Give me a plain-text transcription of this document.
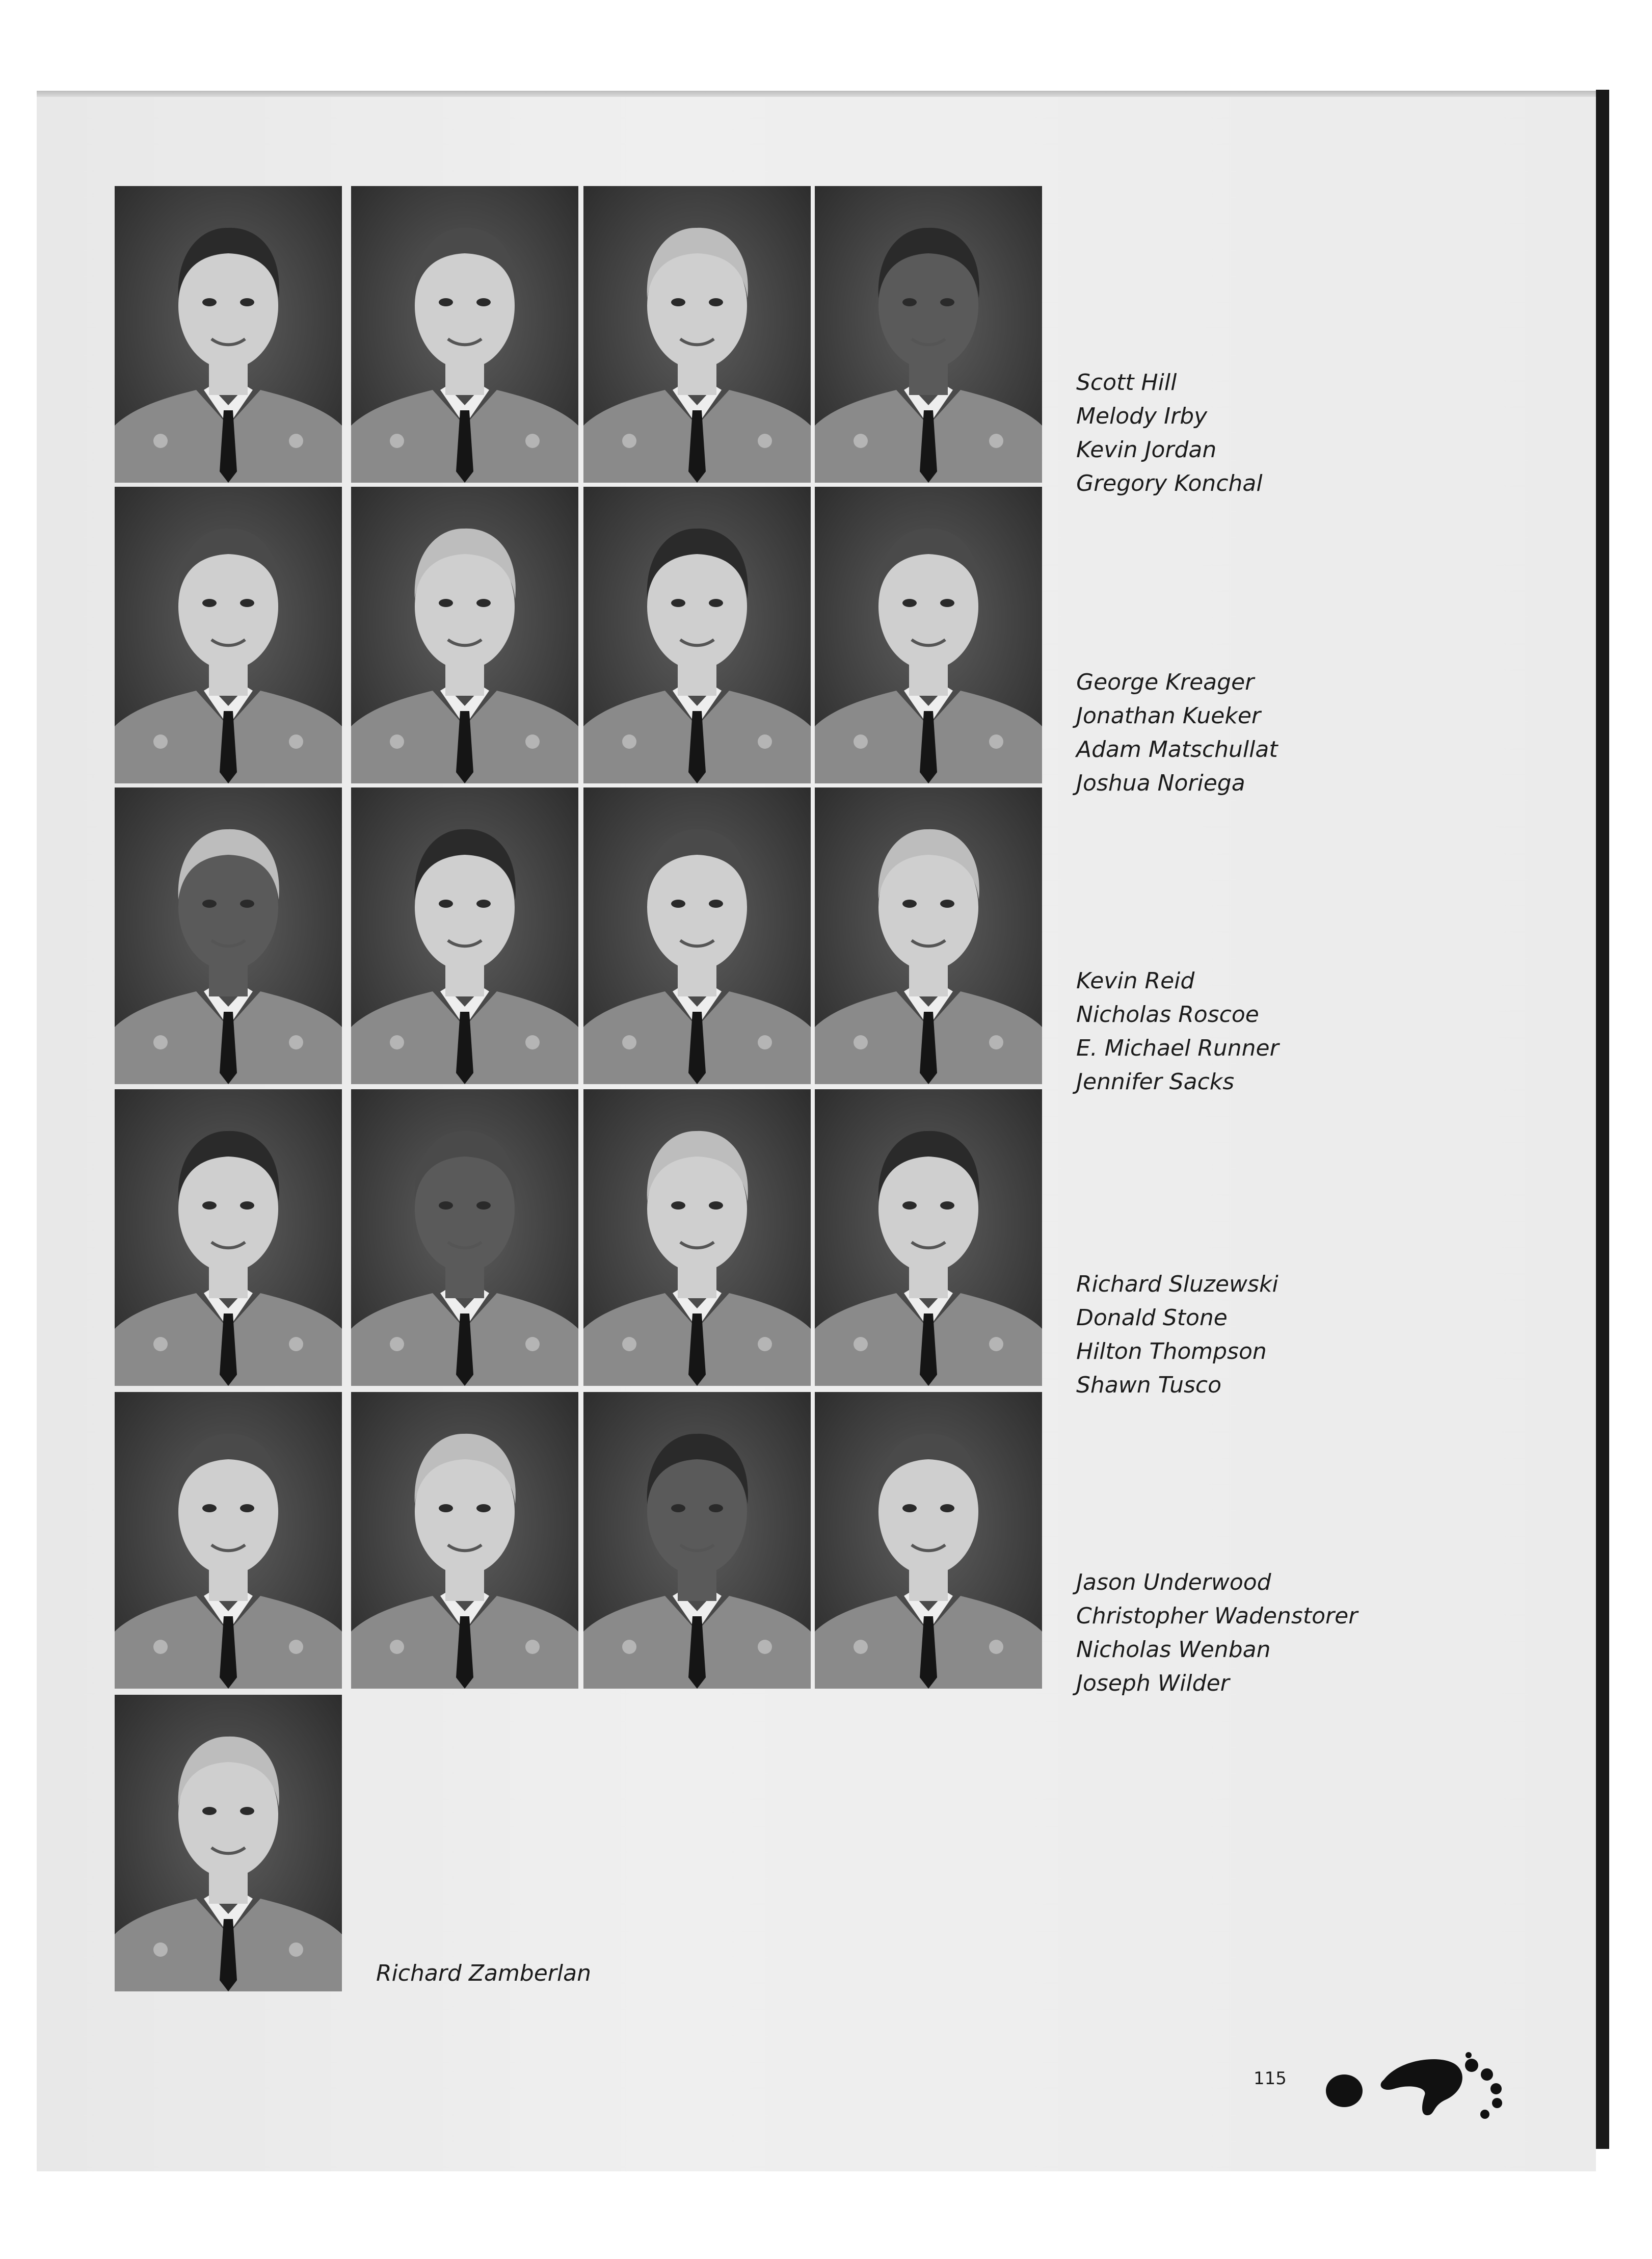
Scott Hill
Melody Irby
Kevin Jordan
Gregory Konchal
George Kreager
Jonathan Kueker
Adam Matschullat
Joshua Noriega
Kevin Reid
Nicholas Roscoe
E. Michael Runner
Jennifer Sacks
Richard Sluzewski
Donald Stone
Hilton Thompson
Shawn Tusco
Jason Underwood
Christopher Wadenstorer
Nicholas Wenban
Joseph Wilder
Richard Zamberlan
115
